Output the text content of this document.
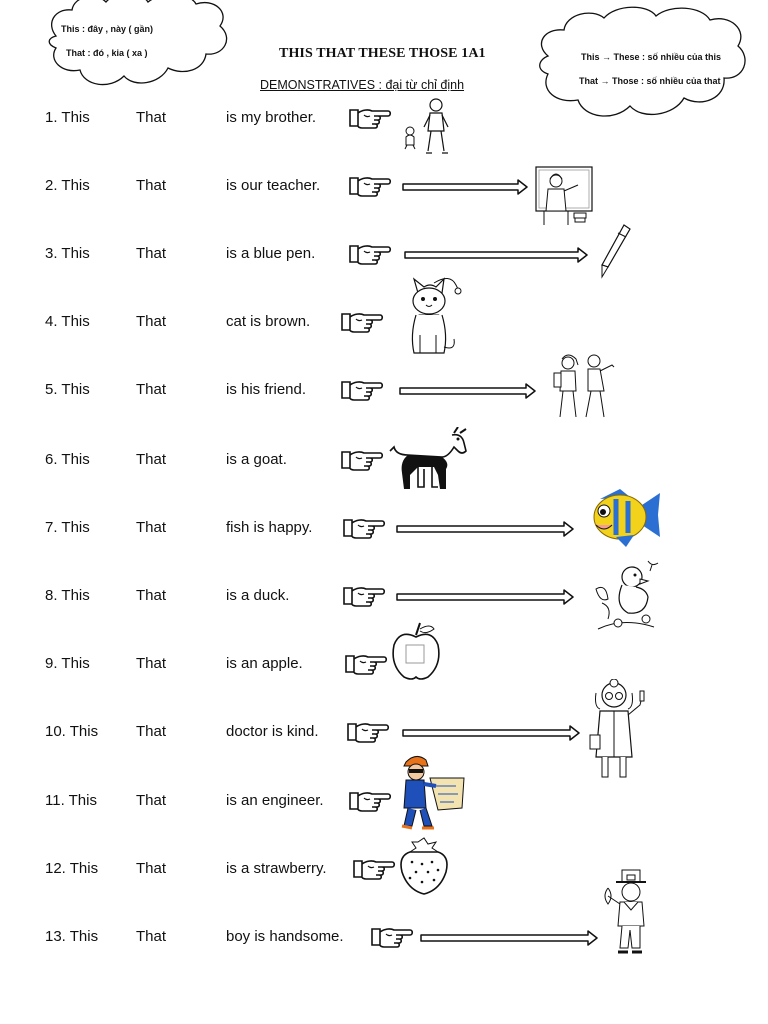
This : đây , này ( gần)
That : đó , kia ( xa )	This → These : số nhiều của this
That → Those : số nhiều của that
THIS THAT THESE THOSE 1A1
DEMONSTRATIVES : đại từ chỉ định
1. This	That	is my brother.
2. This	That	is our teacher.
3. This	That	is a blue pen.
4. This	That	cat is brown.
5. This	That	is his friend.
6. This	That	is a goat.
7. This	That	fish is happy.
8. This	That	is a duck.
9. This	That	is an apple.
10. This	That	doctor is kind.
11. This	That	is an engineer.
12. This	That	is a strawberry.
13. This	That	boy is handsome.
